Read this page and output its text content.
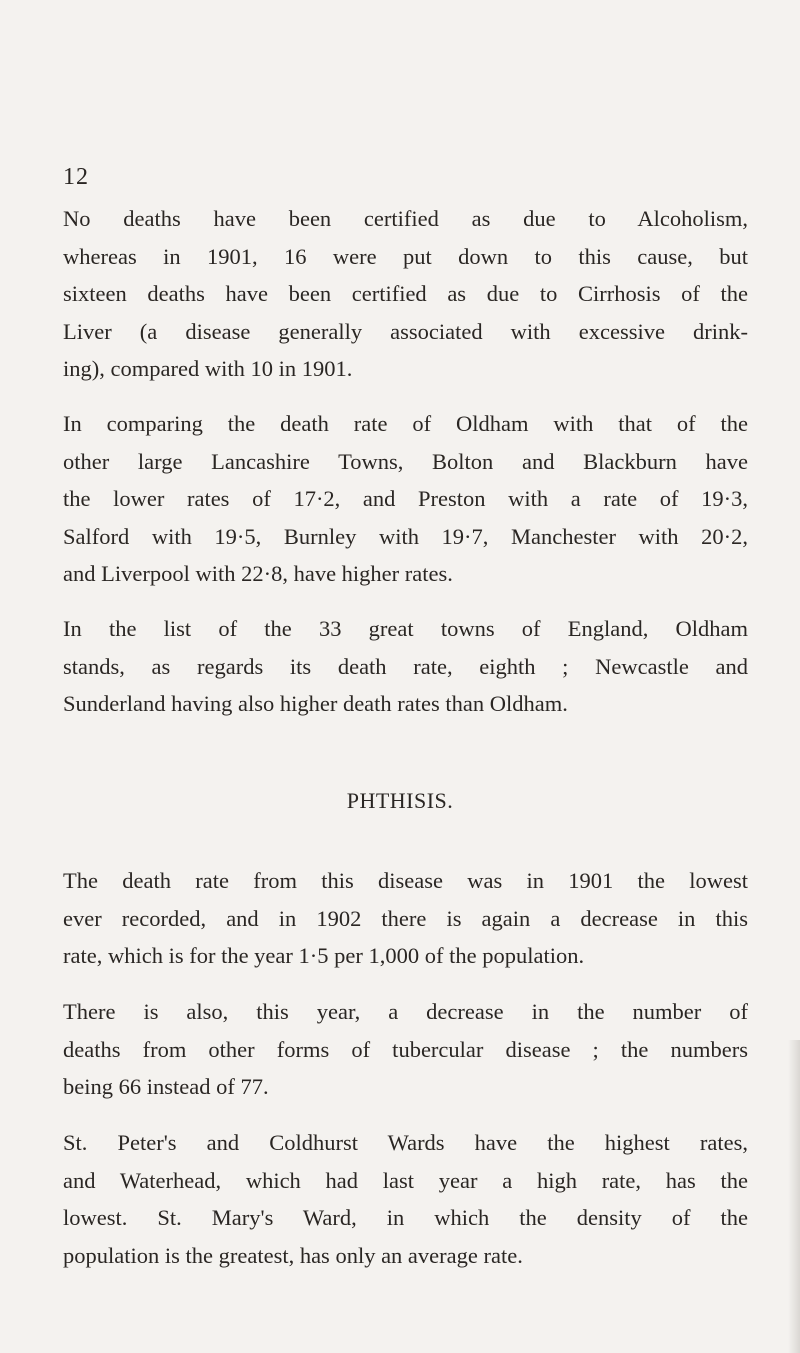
12

No deaths have been certified as due to Alcoholism,
whereas in 1901, 16 were put down to this cause, but
sixteen deaths have been certified as due to Cirrhosis of the
Liver (a disease generally associated with excessive drink-
ing), compared with 10 in 1901.

In comparing the death rate of Oldham with that of the
other large Lancashire Towns, Bolton and Blackburn have
the lower rates of 17·2, and Preston with a rate of 19·3,
Salford with 19·5, Burnley with 19·7, Manchester with 20·2,
and Liverpool with 22·8, have higher rates.

In the list of the 33 great towns of England, Oldham
stands, as regards its death rate, eighth ; Newcastle and
Sunderland having also higher death rates than Oldham.

PHTHISIS.

The death rate from this disease was in 1901 the lowest
ever recorded, and in 1902 there is again a decrease in this
rate, which is for the year 1·5 per 1,000 of the population.

There is also, this year, a decrease in the number of
deaths from other forms of tubercular disease ; the numbers
being 66 instead of 77.

St. Peter's and Coldhurst Wards have the highest rates,
and Waterhead, which had last year a high rate, has the
lowest. St. Mary's Ward, in which the density of the
population is the greatest, has only an average rate.
